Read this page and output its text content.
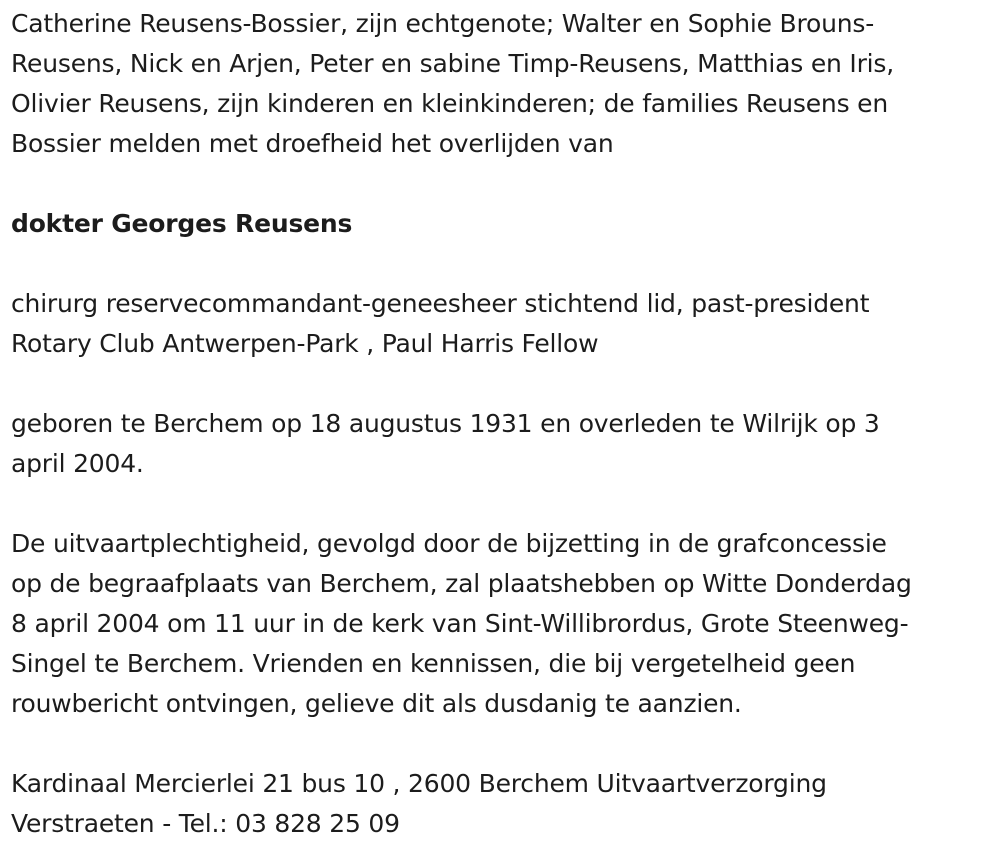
Catherine Reusens-Bossier, zijn echtgenote; Walter en Sophie Brouns-
Reusens, Nick en Arjen, Peter en sabine Timp-Reusens, Matthias en Iris,
Olivier Reusens, zijn kinderen en kleinkinderen; de families Reusens en
Bossier melden met droefheid het overlijden van

dokter Georges Reusens

chirurg reservecommandant-geneesheer stichtend lid, past-president
Rotary Club Antwerpen-Park , Paul Harris Fellow

geboren te Berchem op 18 augustus 1931 en overleden te Wilrijk op 3
april 2004.

De uitvaartplechtigheid, gevolgd door de bijzetting in de grafconcessie
op de begraafplaats van Berchem, zal plaatshebben op Witte Donderdag
8 april 2004 om 11 uur in de kerk van Sint-Willibrordus, Grote Steenweg-
Singel te Berchem. Vrienden en kennissen, die bij vergetelheid geen
rouwbericht ontvingen, gelieve dit als dusdanig te aanzien.

Kardinaal Mercierlei 21 bus 10 , 2600 Berchem Uitvaartverzorging
Verstraeten - Tel.: 03 828 25 09
